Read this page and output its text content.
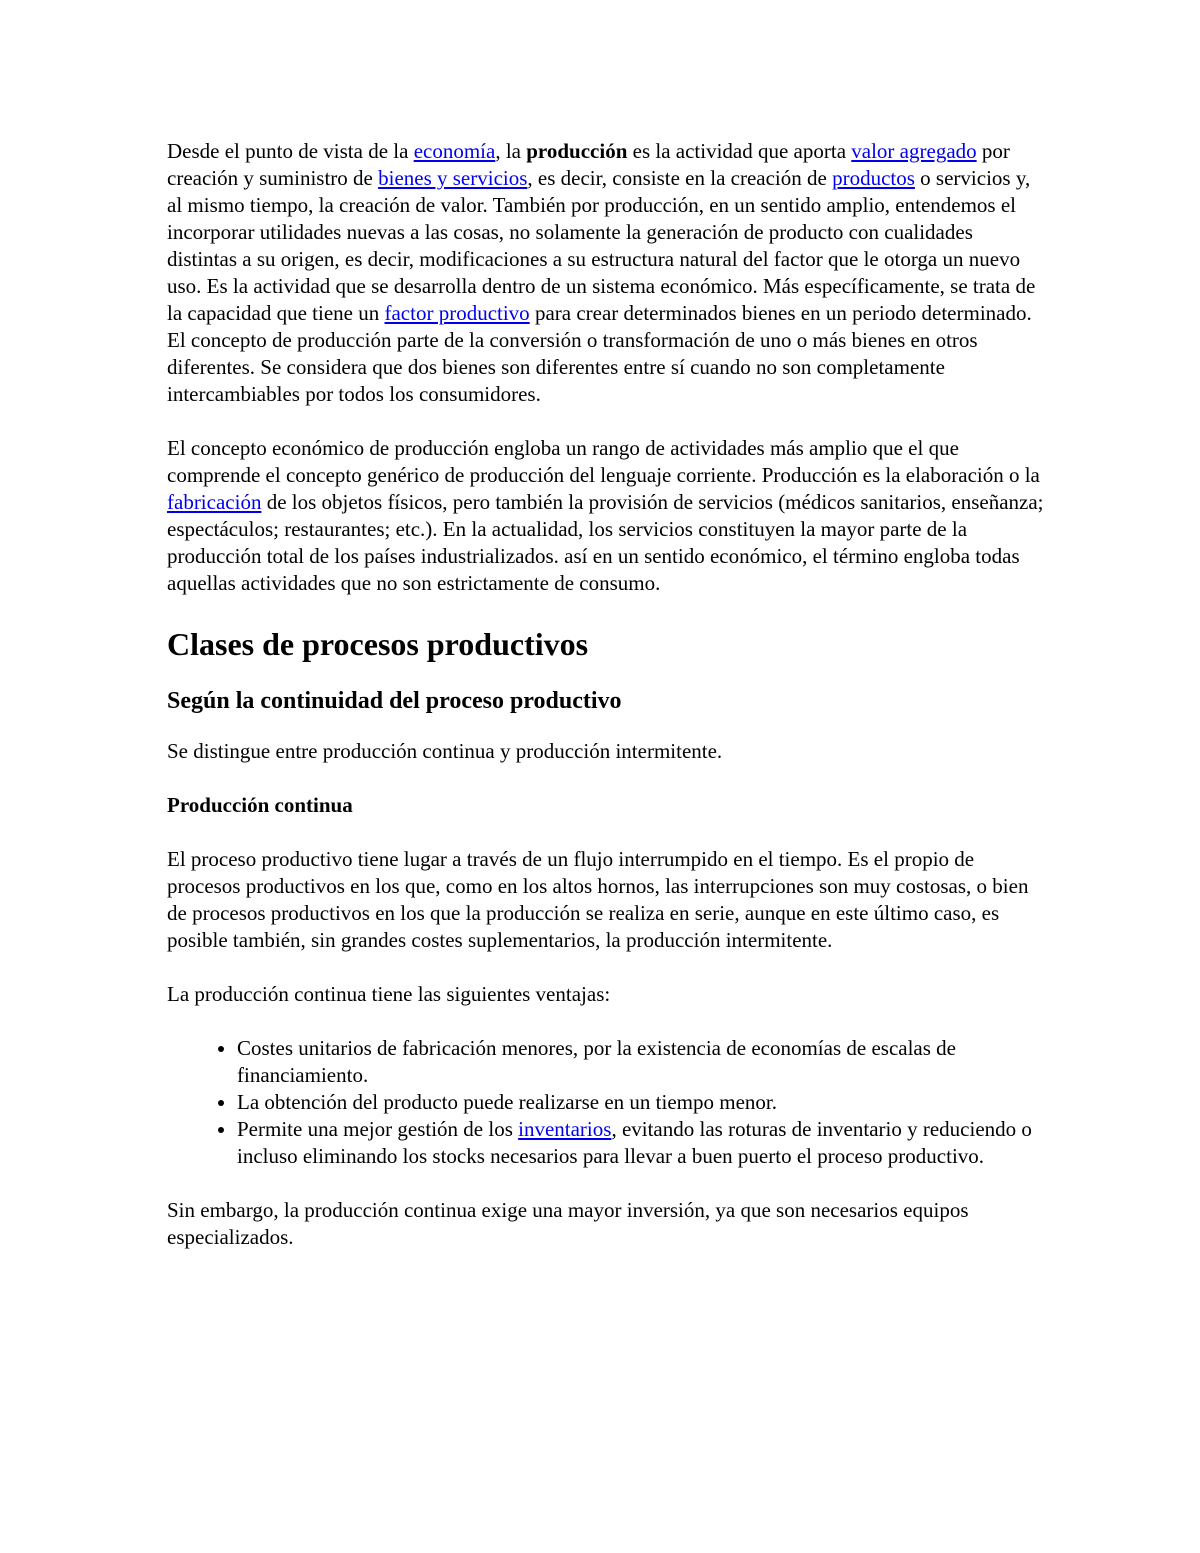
Desde el punto de vista de la economía, la producción es la actividad que aporta valor agregado por creación y suministro de bienes y servicios, es decir, consiste en la creación de productos o servicios y, al mismo tiempo, la creación de valor. También por producción, en un sentido amplio, entendemos el incorporar utilidades nuevas a las cosas, no solamente la generación de producto con cualidades distintas a su origen, es decir, modificaciones a su estructura natural del factor que le otorga un nuevo uso. Es la actividad que se desarrolla dentro de un sistema económico. Más específicamente, se trata de la capacidad que tiene un factor productivo para crear determinados bienes en un periodo determinado. El concepto de producción parte de la conversión o transformación de uno o más bienes en otros diferentes. Se considera que dos bienes son diferentes entre sí cuando no son completamente intercambiables por todos los consumidores.

El concepto económico de producción engloba un rango de actividades más amplio que el que comprende el concepto genérico de producción del lenguaje corriente. Producción es la elaboración o la fabricación de los objetos físicos, pero también la provisión de servicios (médicos sanitarios, enseñanza; espectáculos; restaurantes; etc.). En la actualidad, los servicios constituyen la mayor parte de la producción total de los países industrializados. así en un sentido económico, el término engloba todas aquellas actividades que no son estrictamente de consumo.

Clases de procesos productivos
Según la continuidad del proceso productivo

Se distingue entre producción continua y producción intermitente.

Producción continua

El proceso productivo tiene lugar a través de un flujo interrumpido en el tiempo. Es el propio de procesos productivos en los que, como en los altos hornos, las interrupciones son muy costosas, o bien de procesos productivos en los que la producción se realiza en serie, aunque en este último caso, es posible también, sin grandes costes suplementarios, la producción intermitente.

La producción continua tiene las siguientes ventajas:

• Costes unitarios de fabricación menores, por la existencia de economías de escalas de financiamiento.
• La obtención del producto puede realizarse en un tiempo menor.
• Permite una mejor gestión de los inventarios, evitando las roturas de inventario y reduciendo o incluso eliminando los stocks necesarios para llevar a buen puerto el proceso productivo.

Sin embargo, la producción continua exige una mayor inversión, ya que son necesarios equipos especializados.
